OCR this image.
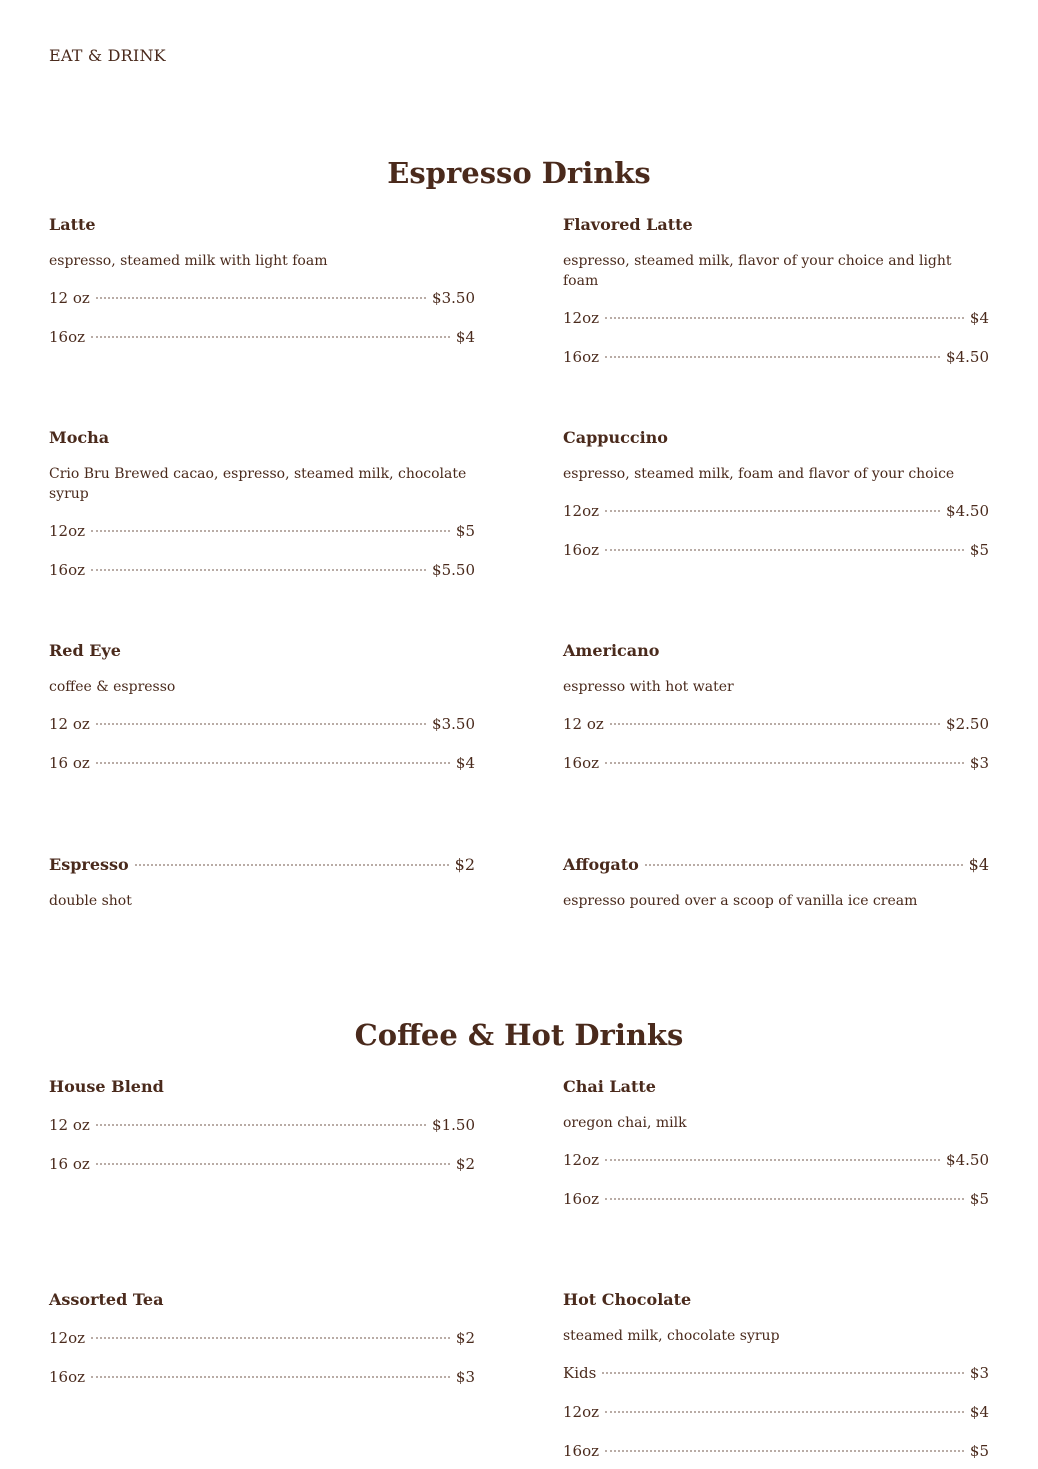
EAT & DRINK
Espresso Drinks
Latte
espresso, steamed milk with light foam
12 oz	$3.50
16oz	$4
Flavored Latte
espresso, steamed milk, flavor of your choice and light foam
12oz	$4
16oz	$4.50
Mocha
Crio Bru Brewed cacao, espresso, steamed milk, chocolate syrup
12oz	$5
16oz	$5.50
Cappuccino
espresso, steamed milk, foam and flavor of your choice
12oz	$4.50
16oz	$5
Red Eye
coffee & espresso
12 oz	$3.50
16 oz	$4
Americano
espresso with hot water
12 oz	$2.50
16oz	$3
Espresso	$2
double shot
Affogato	$4
espresso poured over a scoop of vanilla ice cream
Coffee & Hot Drinks
House Blend
12 oz	$1.50
16 oz	$2
Chai Latte
oregon chai, milk
12oz	$4.50
16oz	$5
Assorted Tea
12oz	$2
16oz	$3
Hot Chocolate
steamed milk, chocolate syrup
Kids	$3
12oz	$4
16oz	$5
